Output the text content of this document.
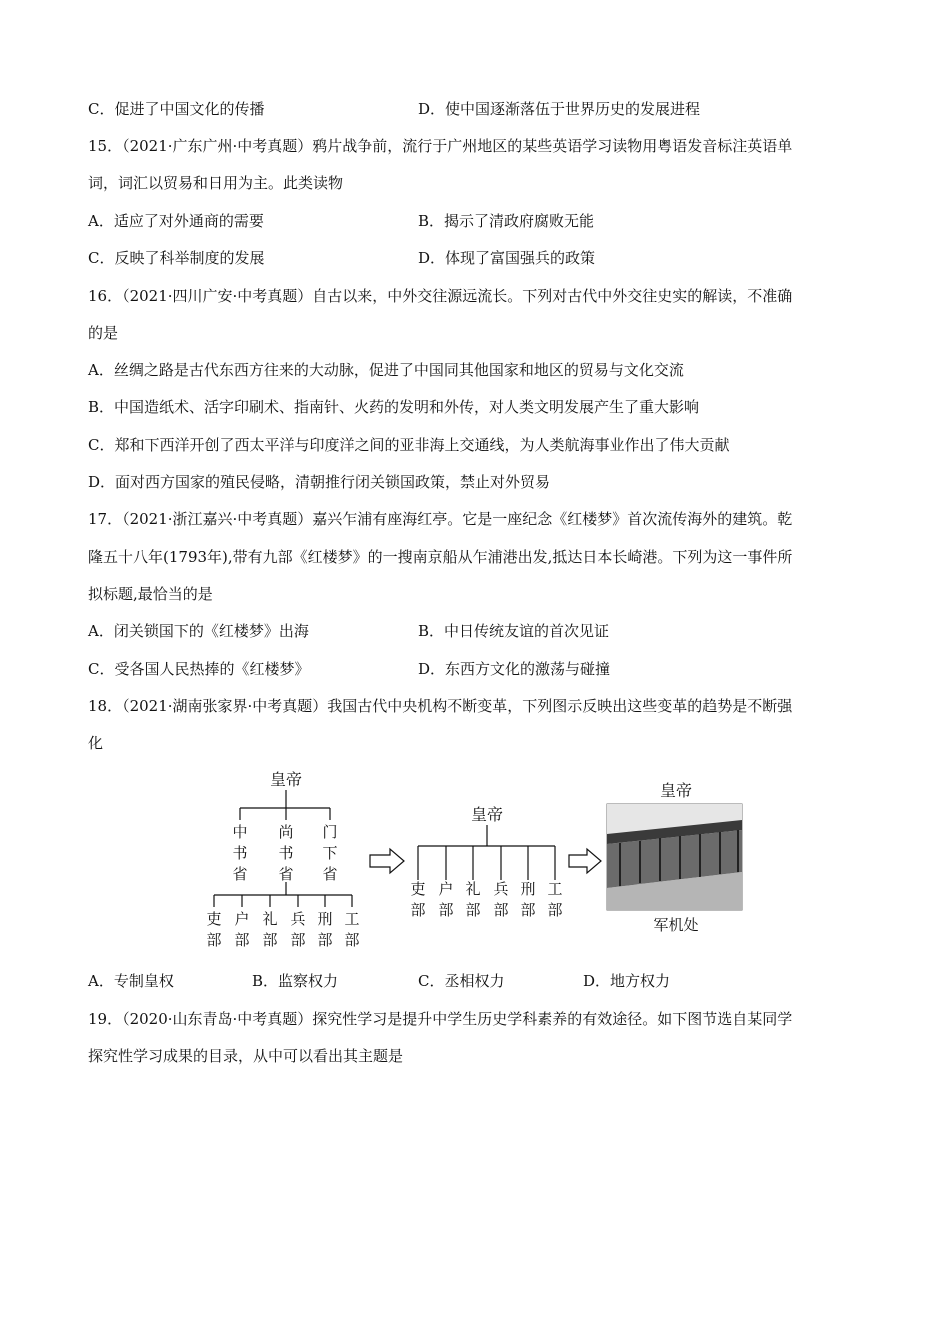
C．促进了中国文化的传播	D．使中国逐渐落伍于世界历史的发展进程
15．（2021·广东广州·中考真题）鸦片战争前，流行于广州地区的某些英语学习读物用粤语发音标注英语单
词，词汇以贸易和日用为主。此类读物
A．适应了对外通商的需要	B．揭示了清政府腐败无能
C．反映了科举制度的发展	D．体现了富国强兵的政策
16．（2021·四川广安·中考真题）自古以来，中外交往源远流长。下列对古代中外交往史实的解读，不准确
的是
A．丝绸之路是古代东西方往来的大动脉，促进了中国同其他国家和地区的贸易与文化交流
B．中国造纸术、活字印刷术、指南针、火药的发明和外传，对人类文明发展产生了重大影响
C．郑和下西洋开创了西太平洋与印度洋之间的亚非海上交通线，为人类航海事业作出了伟大贡献
D．面对西方国家的殖民侵略，清朝推行闭关锁国政策，禁止对外贸易
17．（2021·浙江嘉兴·中考真题）嘉兴乍浦有座海红亭。它是一座纪念《红楼梦》首次流传海外的建筑。乾
隆五十八年(1793年),带有九部《红楼梦》的一搜南京船从乍浦港出发,抵达日本长崎港。下列为这一事件所
拟标题,最恰当的是
A．闭关锁国下的《红楼梦》出海	B．中日传统友谊的首次见证
C．受各国人民热捧的《红楼梦》	D．东西方文化的激荡与碰撞
18．（2021·湖南张家界·中考真题）我国古代中央机构不断变革，下列图示反映出这些变革的趋势是不断强
化
皇帝
中书省
尚书省
门下省
吏部
户部
礼部
兵部
刑部
工部
皇帝
吏部
户部
礼部
兵部
刑部
工部
皇帝
军机处
A．专制皇权	B．监察权力	C．丞相权力	D．地方权力
19．（2020·山东青岛·中考真题）探究性学习是提升中学生历史学科素养的有效途径。如下图节选自某同学
探究性学习成果的目录，从中可以看出其主题是
